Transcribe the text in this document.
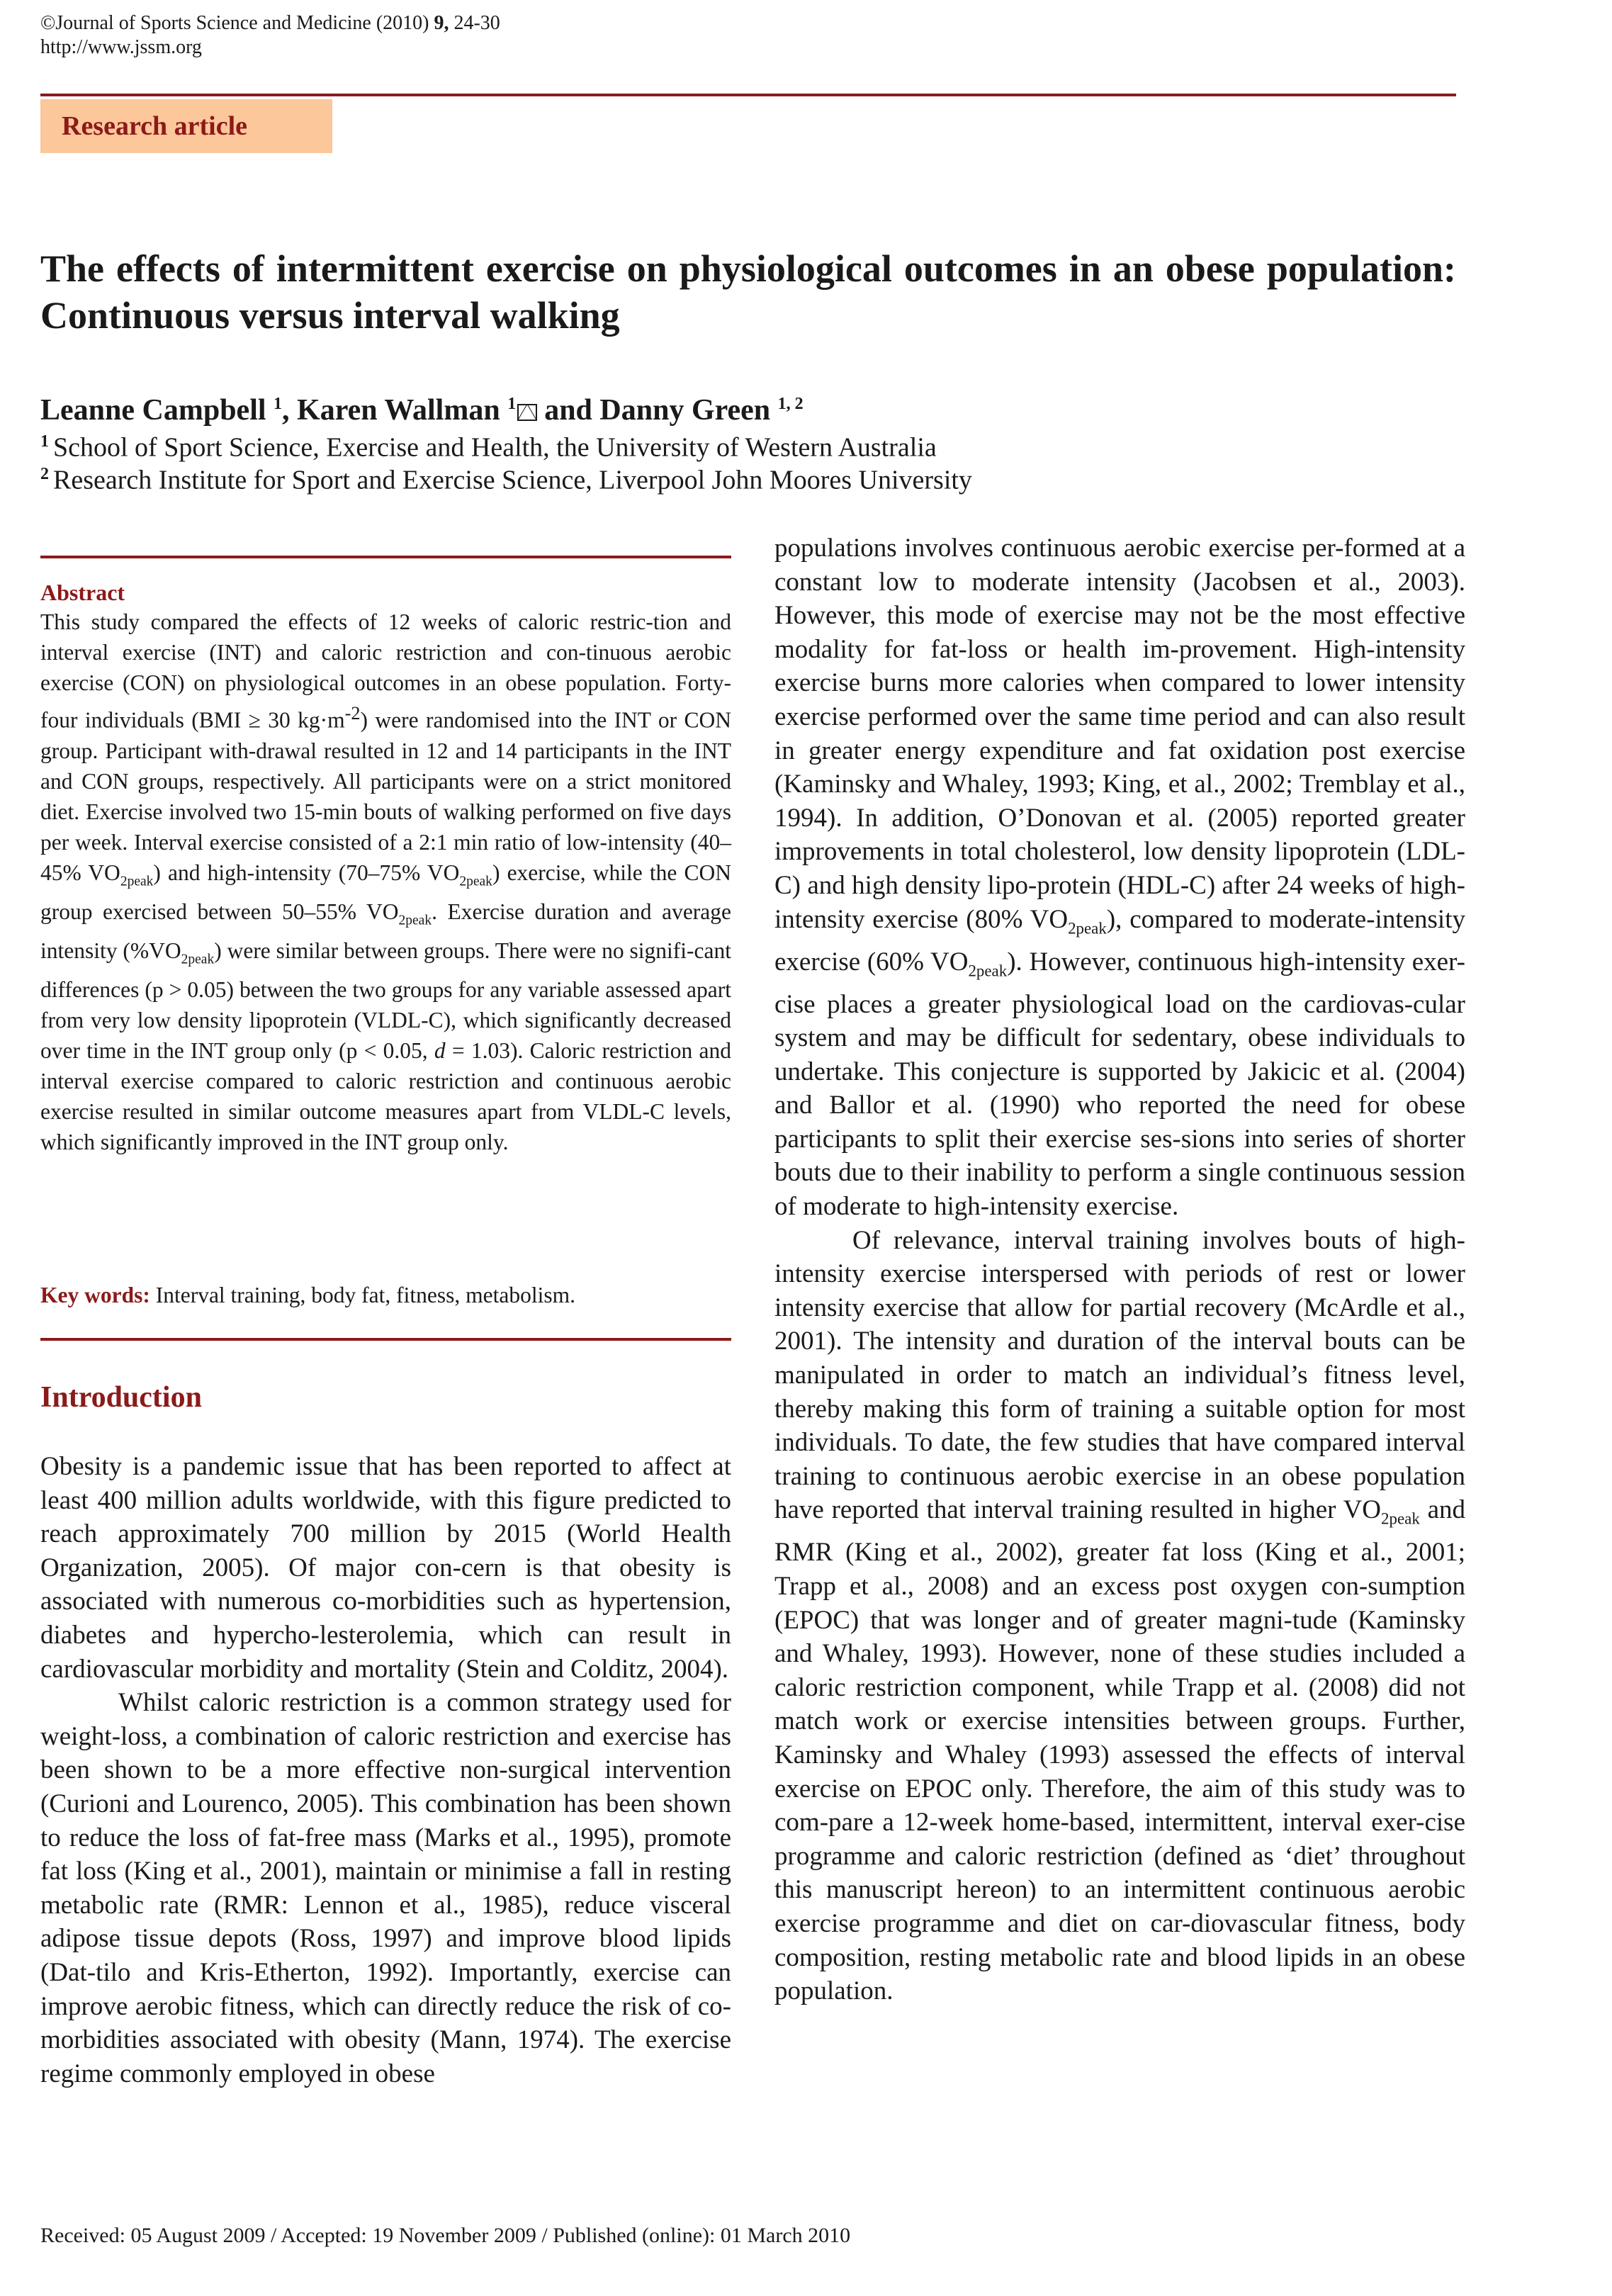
©Journal of Sports Science and Medicine (2010) 9, 24-30
http://www.jssm.org
Research article
The effects of intermittent exercise on physiological outcomes in an obese population: Continuous versus interval walking
Leanne Campbell $^1$, Karen Wallman $^1$ and Danny Green $^{1, 2}$
$^1$ School of Sport Science, Exercise and Health, the University of Western Australia
$^2$ Research Institute for Sport and Exercise Science, Liverpool John Moores University
Abstract

This study compared the effects of 12 weeks of caloric restric-tion and interval exercise (INT) and caloric restriction and con-tinuous aerobic exercise (CON) on physiological outcomes in an obese population. Forty-four individuals (BMI ≥ 30 $kg\cdot m^{-2}$) were randomised into the INT or CON group. Participant with-drawal resulted in 12 and 14 participants in the INT and CON groups, respectively. All participants were on a strict monitored diet. Exercise involved two 15-min bouts of walking performed on five days per week. Interval exercise consisted of a 2:1 min ratio of low-intensity (40–45% $VO_{2peak}$) and high-intensity (70–75% $VO_{2peak}$) exercise, while the CON group exercised between 50–55% $VO_{2peak}$. Exercise duration and average intensity $(\%VO_{2peak})$ were similar between groups. There were no signifi-cant differences (p > 0.05) between the two groups for any variable assessed apart from very low density lipoprotein (VLDL-C), which significantly decreased over time in the INT group only (p < 0.05, d = 1.03). Caloric restriction and interval exercise compared to caloric restriction and continuous aerobic exercise resulted in similar outcome measures apart from VLDL-C levels, which significantly improved in the INT group only.

Key words: Interval training, body fat, fitness, metabolism.
Introduction

Obesity is a pandemic issue that has been reported to affect at least 400 million adults worldwide, with this figure predicted to reach approximately 700 million by 2015 (World Health Organization, 2005). Of major con-cern is that obesity is associated with numerous co-morbidities such as hypertension, diabetes and hyperchо-lesterolemia, which can result in cardiovascular morbidity and mortality (Stein and Colditz, 2004).

Whilst caloric restriction is a common strategy used for weight-loss, a combination of caloric restriction and exercise has been shown to be a more effective non-surgical intervention (Curioni and Lourenco, 2005). This combination has been shown to reduce the loss of fat-free mass (Marks et al., 1995), promote fat loss (King et al., 2001), maintain or minimise a fall in resting metabolic rate (RMR: Lennon et al., 1985), reduce visceral adipose tissue depots (Ross, 1997) and improve blood lipids (Dat-tilo and Kris-Etherton, 1992). Importantly, exercise can improve aerobic fitness, which can directly reduce the risk of co-morbidities associated with obesity (Mann, 1974). The exercise regime commonly employed in obese

populations involves continuous aerobic exercise per-formed at a constant low to moderate intensity (Jacobsen et al., 2003). However, this mode of exercise may not be the most effective modality for fat-loss or health im-provement. High-intensity exercise burns more calories when compared to lower intensity exercise performed over the same time period and can also result in greater energy expenditure and fat oxidation post exercise (Kaminsky and Whaley, 1993; King, et al., 2002; Tremblay et al., 1994). In addition, O’Donovan et al. (2005) reported greater improvements in total cholesterol, low density lipoprotein (LDL-C) and high density lipo-protein (HDL-C) after 24 weeks of high-intensity exercise (80% $VO_{2peak}$), compared to moderate-intensity exercise (60% $VO_{2peak}$). However, continuous high-intensity exer-cise places a greater physiological load on the cardiovas-cular system and may be difficult for sedentary, obese individuals to undertake. This conjecture is supported by Jakicic et al. (2004) and Ballor et al. (1990) who reported the need for obese participants to split their exercise ses-sions into series of shorter bouts due to their inability to perform a single continuous session of moderate to high-intensity exercise.

Of relevance, interval training involves bouts of high-intensity exercise interspersed with periods of rest or lower intensity exercise that allow for partial recovery (McArdle et al., 2001). The intensity and duration of the interval bouts can be manipulated in order to match an individual’s fitness level, thereby making this form of training a suitable option for most individuals. To date, the few studies that have compared interval training to continuous aerobic exercise in an obese population have reported that interval training resulted in higher $VO_{2peak}$ and RMR (King et al., 2002), greater fat loss (King et al., 2001; Trapp et al., 2008) and an excess post oxygen con-sumption (EPOC) that was longer and of greater magni-tude (Kaminsky and Whaley, 1993). However, none of these studies included a caloric restriction component, while Trapp et al. (2008) did not match work or exercise intensities between groups. Further, Kaminsky and Whaley (1993) assessed the effects of interval exercise on EPOC only. Therefore, the aim of this study was to com-pare a 12-week home-based, intermittent, interval exer-cise programme and caloric restriction (defined as ‘diet’ throughout this manuscript hereon) to an intermittent continuous aerobic exercise programme and diet on car-diovascular fitness, body composition, resting metabolic rate and blood lipids in an obese population.

Received: 05 August 2009 / Accepted: 19 November 2009 / Published (online): 01 March 2010
